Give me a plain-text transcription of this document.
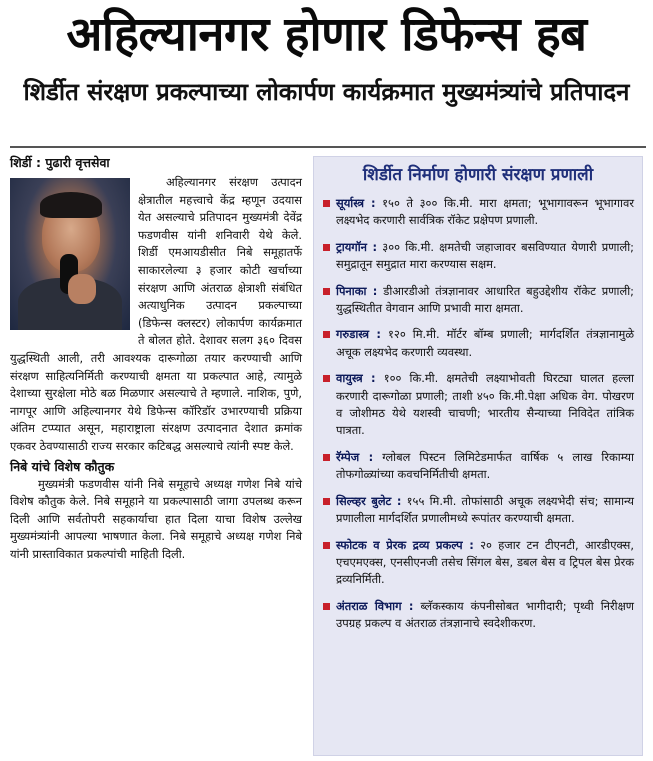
अहिल्यानगर होणार डिफेन्स हब
शिर्डीत संरक्षण प्रकल्पाच्या लोकार्पण कार्यक्रमात मुख्यमंत्र्यांचे प्रतिपादन
शिर्डी : पुढारी वृत्तसेवा

अहिल्यानगर संरक्षण उत्पादन क्षेत्रातील महत्त्वाचे केंद्र म्हणून उदयास येत असल्याचे प्रतिपादन मुख्यमंत्री देवेंद्र फडणवीस यांनी शनिवारी येथे केले. शिर्डी एमआयडीसीत निबे समूहातर्फे साकारलेल्या ३ हजार कोटी खर्चाच्या संरक्षण आणि अंतराळ क्षेत्राशी संबंधित अत्याधुनिक उत्पादन प्रकल्पाच्या (डिफेन्स क्लस्टर) लोकार्पण कार्यक्रमात ते बोलत होते. देशावर सलग ३६० दिवस युद्धस्थिती आली, तरी आवश्यक दारूगोळा तयार करण्याची आणि संरक्षण साहित्यनिर्मिती करण्याची क्षमता या प्रकल्पात आहे, त्यामुळे देशाच्या सुरक्षेला मोठे बळ मिळणार असल्याचे ते म्हणाले. नाशिक, पुणे, नागपूर आणि अहिल्यानगर येथे डिफेन्स कॉरिडॉर उभारण्याची प्रक्रिया अंतिम टप्प्यात असून, महाराष्ट्राला संरक्षण उत्पादनात देशात क्रमांक एकवर ठेवण्यासाठी राज्य सरकार कटिबद्ध असल्याचे त्यांनी स्पष्ट केले.

निबे यांचे विशेष कौतुक

मुख्यमंत्री फडणवीस यांनी निबे समूहाचे अध्यक्ष गणेश निबे यांचे विशेष कौतुक केले. निबे समूहाने या प्रकल्पासाठी जागा उपलब्ध करून दिली आणि सर्वतोपरी सहकार्याचा हात दिला याचा विशेष उल्लेख मुख्यमंत्र्यांनी आपल्या भाषणात केला. निबे समूहाचे अध्यक्ष गणेश निबे यांनी प्रास्ताविकात प्रकल्पांची माहिती दिली.

शिर्डीत निर्माण होणारी संरक्षण प्रणाली
सूर्यास्त्र : १५० ते ३०० कि.मी. मारा क्षमता; भूभागावरून भूभागावर लक्ष्यभेद करणारी सार्वत्रिक रॉकेट प्रक्षेपण प्रणाली.
ट्रायगॉन : ३०० कि.मी. क्षमतेची जहाजावर बसविण्यात येणारी प्रणाली; समुद्रातून समुद्रात मारा करण्यास सक्षम.
पिनाका : डीआरडीओ तंत्रज्ञानावर आधारित बहुउद्देशीय रॉकेट प्रणाली; युद्धस्थितीत वेगवान आणि प्रभावी मारा क्षमता.
गरुडास्त्र : १२० मि.मी. मॉर्टर बॉम्ब प्रणाली; मार्गदर्शित तंत्रज्ञानामुळे अचूक लक्ष्यभेद करणारी व्यवस्था.
वायुस्त्र : १०० कि.मी. क्षमतेची लक्ष्याभोवती घिरट्या घालत हल्ला करणारी दारूगोळा प्रणाली; ताशी ४५० कि.मी.पेक्षा अधिक वेग. पोखरण व जोशीमठ येथे यशस्वी चाचणी; भारतीय सैन्याच्या निविदेत तांत्रिक पात्रता.
रॅम्पेज : ग्लोबल पिस्टन लिमिटेडमार्फत वार्षिक ५ लाख रिकाम्या तोफगोळ्यांच्या कवचनिर्मितीची क्षमता.
सिल्व्हर बुलेट : १५५ मि.मी. तोफांसाठी अचूक लक्ष्यभेदी संच; सामान्य प्रणालीला मार्गदर्शित प्रणालीमध्ये रूपांतर करण्याची क्षमता.
स्फोटक व प्रेरक द्रव्य प्रकल्प : २० हजार टन टीएनटी, आरडीएक्स, एचएमएक्स, एनसीएनजी तसेच सिंगल बेस, डबल बेस व ट्रिपल बेस प्रेरक द्रव्यनिर्मिती.
अंतराळ विभाग : ब्लॅकस्काय कंपनीसोबत भागीदारी; पृथ्वी निरीक्षण उपग्रह प्रकल्प व अंतराळ तंत्रज्ञानाचे स्वदेशीकरण.
